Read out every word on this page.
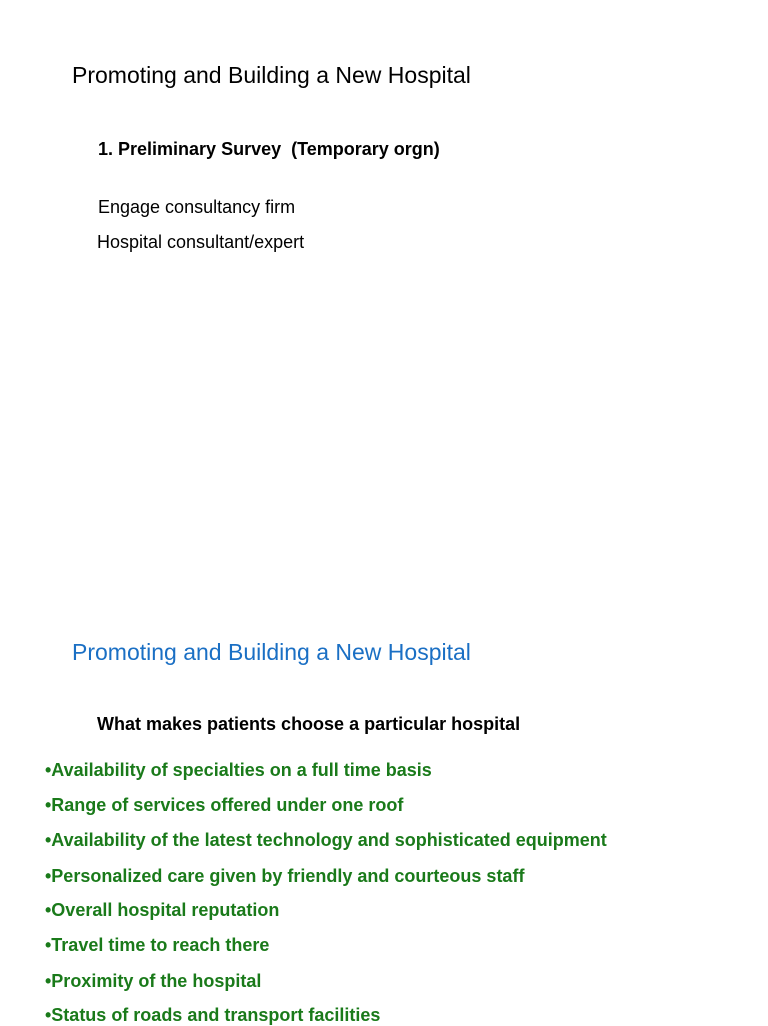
Promoting and Building a New Hospital
1. Preliminary Survey  (Temporary orgn)
Engage consultancy firm
Hospital consultant/expert
Promoting and Building a New Hospital
What makes patients choose a particular hospital
•Availability of specialties on a full time basis
•Range of services offered under one roof
•Availability of the latest technology and sophisticated equipment
•Personalized care given by friendly and courteous staff
•Overall hospital reputation
•Travel time to reach there
•Proximity of the hospital
•Status of roads and transport facilities
